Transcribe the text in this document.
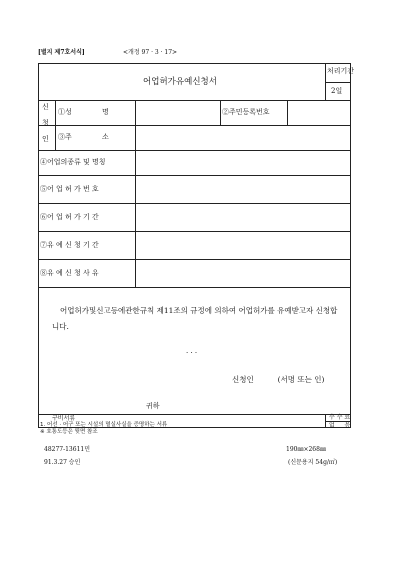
[별지 제7호서식]	<개정 97 · 3 · 17>
어업허가유예신청서
처리기간
2일
신
청
인
①성 명	②주민등록번호
③주 소
④어업의종류 및 명칭
⑤어 업 허 가 번 호
⑥어 업 허 가 기 간
⑦유 예 신 청 기 간
⑧유 예 신 청 사 유
어업허가및신고등에관한규칙 제11조의 규정에 의하여 어업허가를 유예받고자 신청합니다.
. . .
신청인          (서명 또는 인)
귀하
구비서류
1. 어선 · 어구 또는 시설의 멸실사실을 증명하는 서류
※ 호통도등은 뒷면 참조
수 수 료
없     음
48277-13611민
91.3.27 승인
190㎜×268㎜
(신문용지 54g/㎡)
